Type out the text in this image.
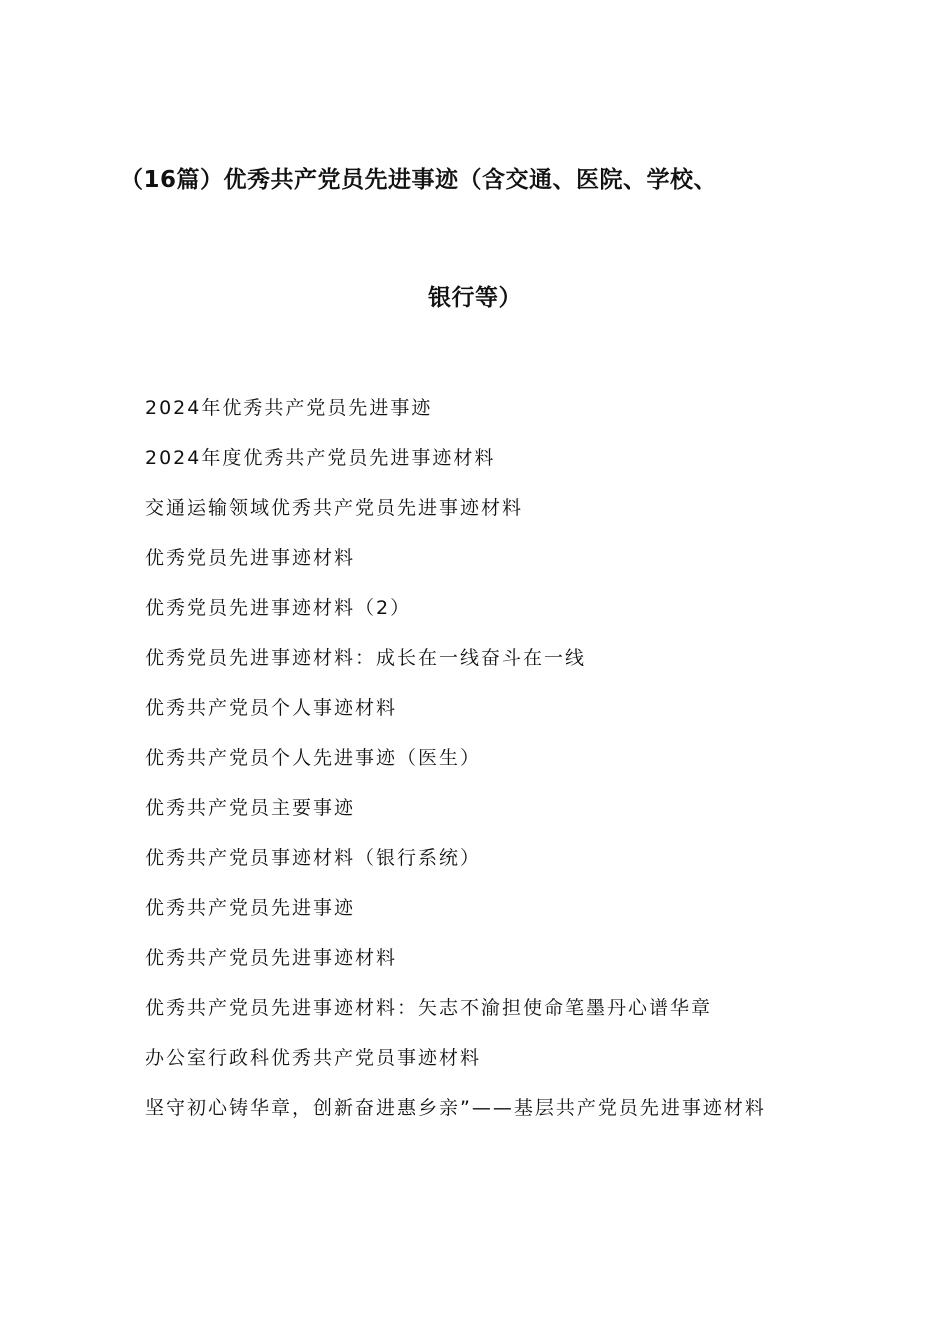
（16篇）优秀共产党员先进事迹（含交通、医院、学校、
银行等）
2024年优秀共产党员先进事迹
2024年度优秀共产党员先进事迹材料
交通运输领域优秀共产党员先进事迹材料
优秀党员先进事迹材料
优秀党员先进事迹材料（2）
优秀党员先进事迹材料：成长在一线奋斗在一线
优秀共产党员个人事迹材料
优秀共产党员个人先进事迹（医生）
优秀共产党员主要事迹
优秀共产党员事迹材料（银行系统）
优秀共产党员先进事迹
优秀共产党员先进事迹材料
优秀共产党员先进事迹材料：矢志不渝担使命笔墨丹心谱华章
办公室行政科优秀共产党员事迹材料
坚守初心铸华章，创新奋进惠乡亲”——基层共产党员先进事迹材料
